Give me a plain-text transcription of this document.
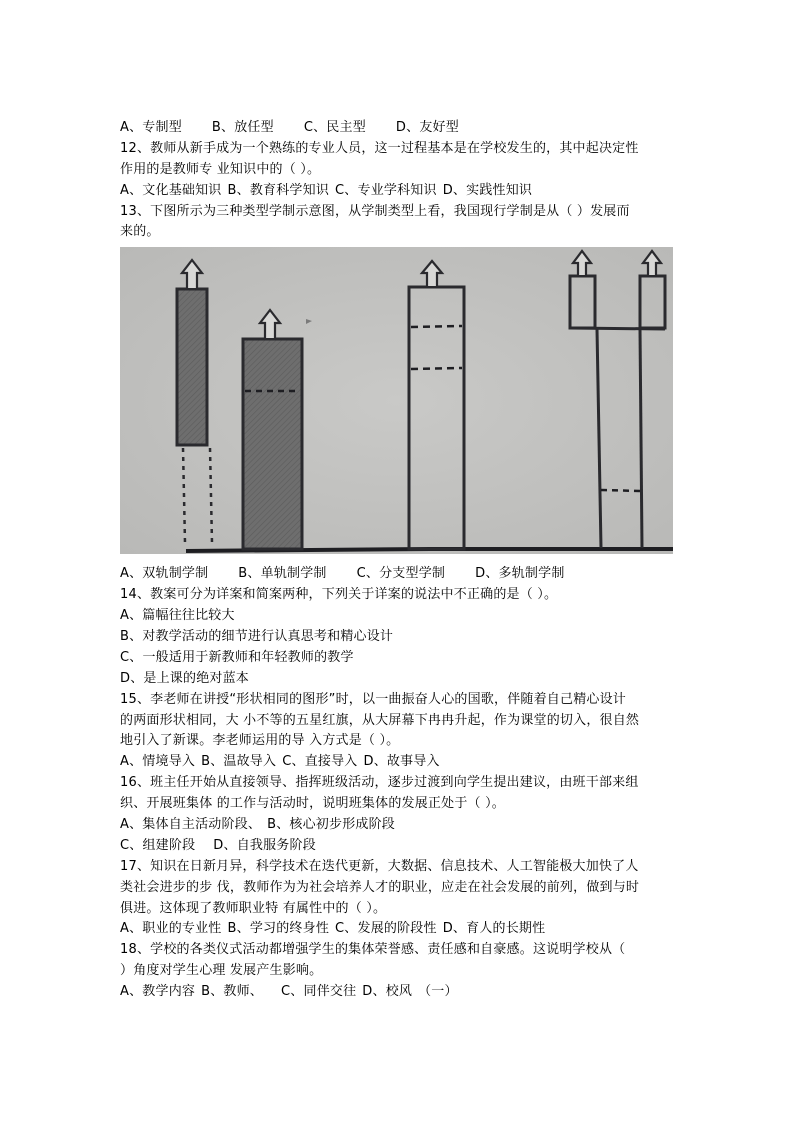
A、专制型 B、放任型 C、民主型 D、友好型
12、教师从新手成为一个熟练的专业人员，这一过程基本是在学校发生的，其中起决定性
作用的是教师专 业知识中的（ ）。
A、文化基础知识 B、教育科学知识 C、专业学科知识 D、实践性知识
13、下图所示为三种类型学制示意图，从学制类型上看，我国现行学制是从（ ）发展而
来的。
A、双轨制学制 B、单轨制学制 C、分支型学制 D、多轨制学制
14、教案可分为详案和简案两种，下列关于详案的说法中不正确的是（ ）。
A、篇幅往往比较大
B、对教学活动的细节进行认真思考和精心设计
C、一般适用于新教师和年轻教师的教学
D、是上课的绝对蓝本
15、李老师在讲授“形状相同的图形”时，以一曲振奋人心的国歌，伴随着自己精心设计
的两面形状相同，大 小不等的五星红旗，从大屏幕下冉冉升起，作为课堂的切入，很自然
地引入了新课。李老师运用的导 入方式是（ ）。
A、情境导入 B、温故导入 C、直接导入 D、故事导入
16、班主任开始从直接领导、指挥班级活动，逐步过渡到向学生提出建议，由班干部来组
织、开展班集体 的工作与活动时，说明班集体的发展正处于（ ）。
A、集体自主活动阶段、 B、核心初步形成阶段
C、组建阶段 D、自我服务阶段
17、知识在日新月异，科学技术在迭代更新，大数据、信息技术、人工智能极大加快了人
类社会进步的步 伐，教师作为为社会培养人才的职业，应走在社会发展的前列，做到与时
俱进。这体现了教师职业特 有属性中的（ ）。
A、职业的专业性 B、学习的终身性 C、发展的阶段性 D、育人的长期性
18、学校的各类仪式活动都增强学生的集体荣誉感、责任感和自豪感。这说明学校从（
）角度对学生心理 发展产生影响。
A、教学内容 B、教师、 C、同伴交往 D、校风 （一）
